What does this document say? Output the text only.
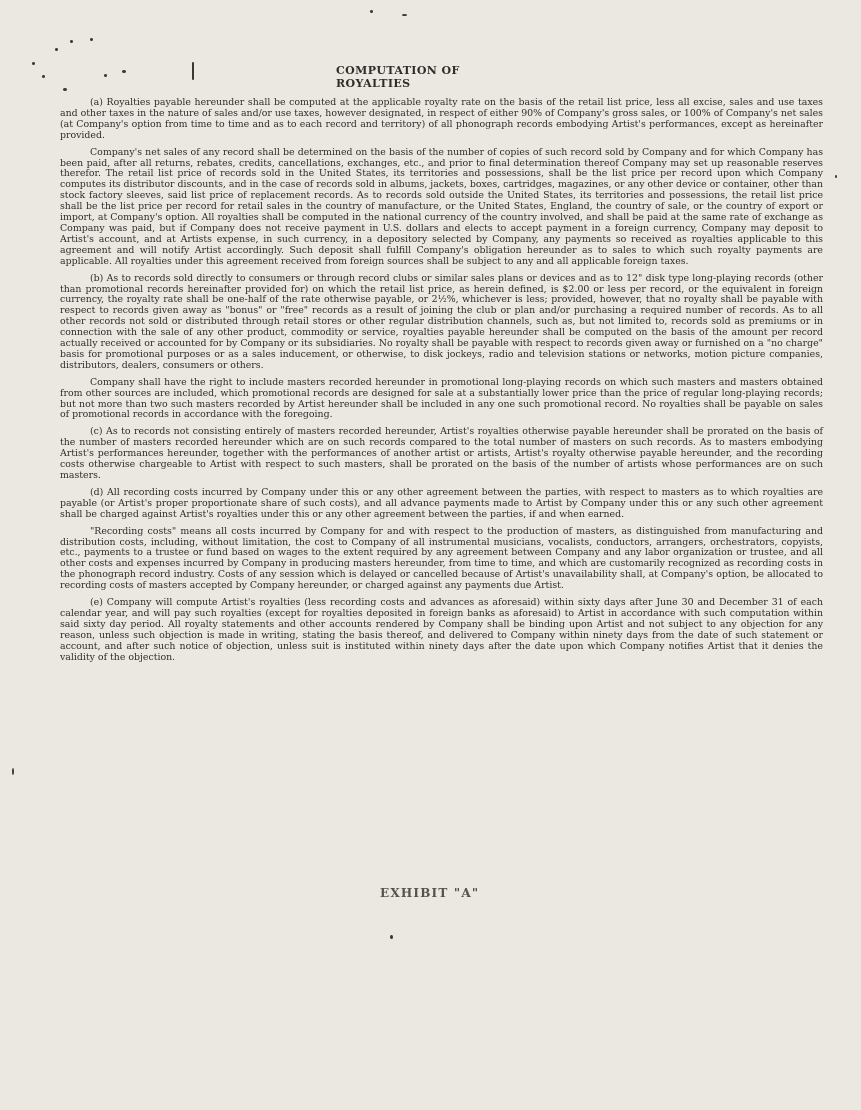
COMPUTATION OF ROYALTIES

(a) Royalties payable hereunder shall be computed at the applicable royalty rate on the basis of the retail list price, less all excise, sales and use taxes and other taxes in the nature of sales and/or use taxes, however designated, in respect of either 90% of Company's gross sales, or 100% of Company's net sales (at Company's option from time to time and as to each record and territory) of all phonograph records embodying Artist's performances, except as hereinafter provided.

Company's net sales of any record shall be determined on the basis of the number of copies of such record sold by Company and for which Company has been paid, after all returns, rebates, credits, cancellations, exchanges, etc., and prior to final determination thereof Company may set up reasonable reserves therefor. The retail list price of records sold in the United States, its territories and possessions, shall be the list price per record upon which Company computes its distributor discounts, and in the case of records sold in albums, jackets, boxes, cartridges, magazines, or any other device or container, other than stock factory sleeves, said list price of replacement records. As to records sold outside the United States, its territories and possessions, the retail list price shall be the list price per record for retail sales in the country of manufacture, or the United States, England, the country of sale, or the country of export or import, at Company's option. All royalties shall be computed in the national currency of the country involved, and shall be paid at the same rate of exchange as Company was paid, but if Company does not receive payment in U.S. dollars and elects to accept payment in a foreign currency, Company may deposit to Artist's account, and at Artists expense, in such currency, in a depository selected by Company, any payments so received as royalties applicable to this agreement and will notify Artist accordingly. Such deposit shall fulfill Company's obligation hereunder as to sales to which such royalty payments are applicable. All royalties under this agreement received from foreign sources shall be subject to any and all applicable foreign taxes.

(b) As to records sold directly to consumers or through record clubs or similar sales plans or devices and as to 12" disk type long-playing records (other than promotional records hereinafter provided for) on which the retail list price, as herein defined, is $2.00 or less per record, or the equivalent in foreign currency, the royalty rate shall be one-half of the rate otherwise payable, or 2½%, whichever is less; provided, however, that no royalty shall be payable with respect to records given away as "bonus" or "free" records as a result of joining the club or plan and/or purchasing a required number of records. As to all other records not sold or distributed through retail stores or other regular distribution channels, such as, but not limited to, records sold as premiums or in connection with the sale of any other product, commodity or service, royalties payable hereunder shall be computed on the basis of the amount per record actually received or accounted for by Company or its subsidiaries. No royalty shall be payable with respect to records given away or furnished on a "no charge" basis for promotional purposes or as a sales inducement, or otherwise, to disk jockeys, radio and television stations or networks, motion picture companies, distributors, dealers, consumers or others.

Company shall have the right to include masters recorded hereunder in promotional long-playing records on which such masters and masters obtained from other sources are included, which promotional records are designed for sale at a substantially lower price than the price of regular long-playing records; but not more than two such masters recorded by Artist hereunder shall be included in any one such promotional record. No royalties shall be payable on sales of promotional records in accordance with the foregoing.

(c) As to records not consisting entirely of masters recorded hereunder, Artist's royalties otherwise payable hereunder shall be prorated on the basis of the number of masters recorded hereunder which are on such records compared to the total number of masters on such records. As to masters embodying Artist's performances hereunder, together with the performances of another artist or artists, Artist's royalty otherwise payable hereunder, and the recording costs otherwise chargeable to Artist with respect to such masters, shall be prorated on the basis of the number of artists whose performances are on such masters.

(d) All recording costs incurred by Company under this or any other agreement between the parties, with respect to masters as to which royalties are payable (or Artist's proper proportionate share of such costs), and all advance payments made to Artist by Company under this or any such other agreement shall be charged against Artist's royalties under this or any other agreement between the parties, if and when earned.

"Recording costs" means all costs incurred by Company for and with respect to the production of masters, as distinguished from manufacturing and distribution costs, including, without limitation, the cost to Company of all instrumental musicians, vocalists, conductors, arrangers, orchestrators, copyists, etc., payments to a trustee or fund based on wages to the extent required by any agreement between Company and any labor organization or trustee, and all other costs and expenses incurred by Company in producing masters hereunder, from time to time, and which are customarily recognized as recording costs in the phonograph record industry. Costs of any session which is delayed or cancelled because of Artist's unavailability shall, at Company's option, be allocated to recording costs of masters accepted by Company hereunder, or charged against any payments due Artist.

(e) Company will compute Artist's royalties (less recording costs and advances as aforesaid) within sixty days after June 30 and December 31 of each calendar year, and will pay such royalties (except for royalties deposited in foreign banks as aforesaid) to Artist in accordance with such computation within said sixty day period. All royalty statements and other accounts rendered by Company shall be binding upon Artist and not subject to any objection for any reason, unless such objection is made in writing, stating the basis thereof, and delivered to Company within ninety days from the date of such statement or account, and after such notice of objection, unless suit is instituted within ninety days after the date upon which Company notifies Artist that it denies the validity of the objection.

EXHIBIT "A"
